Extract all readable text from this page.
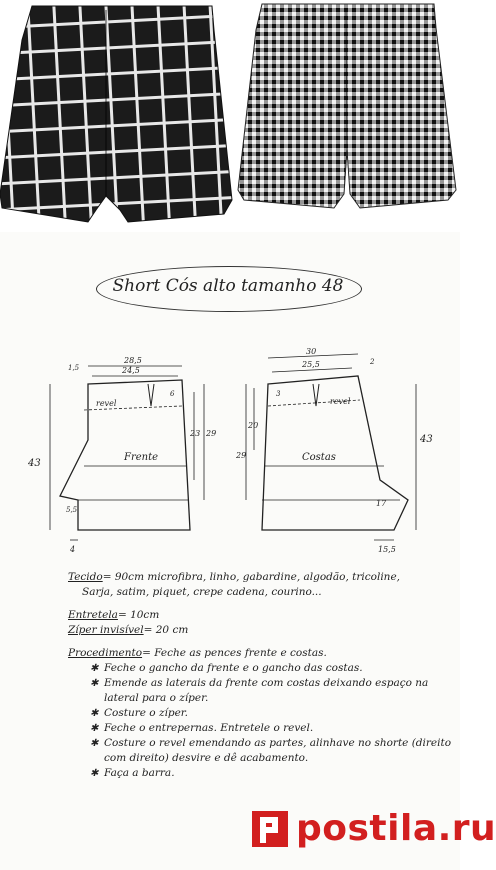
Short Cós alto tamanho 48
Frente
28,5
24,5
1,5
6
revel
43
23 29
5,5
4
Costas
30
25,5	2
3
revel
43
20
29
17
15,5
Tecido= 90cm microfibra, linho, gabardine, algodão, tricoline,
Sarja, satim, piquet, crepe cadena, courino...
Entretela= 10cm
Zíper invisível= 20 cm
Procedimento= Feche as pences frente e costas.
✱ Feche o gancho da frente e o gancho das costas.
✱ Emende as laterais da frente com costas deixando espaço na lateral para o zíper.
✱ Costure o zíper.
✱ Feche o entrepernas. Entretele o revel.
✱ Costure o revel emendando as partes, alinhave no shorte (direito com direito) desvire e dê acabamento.
✱ Faça a barra.
postila.ru
